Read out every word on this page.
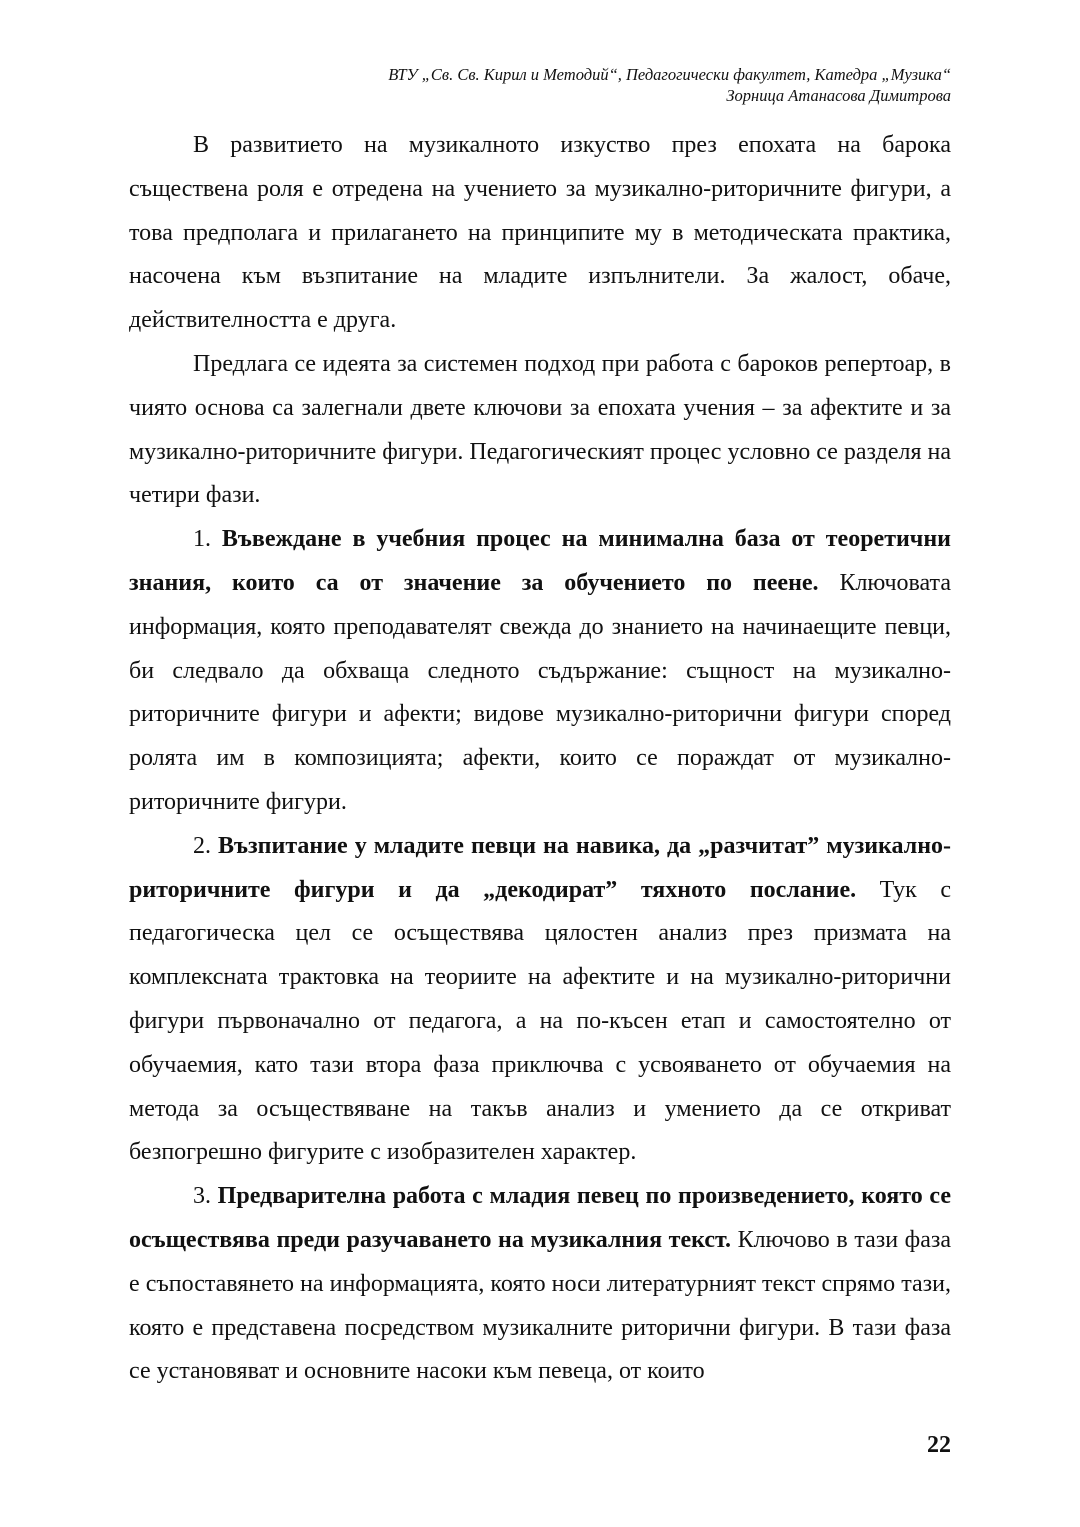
ВТУ „Св. Св. Кирил и Методий“, Педагогически факултет, Катедра „Музика“
Зорница Атанасова Димитрова

В развитието на музикалното изкуство през епохата на барока съществена роля е отредена на учението за музикално-риторичните фигури, а това предполага и прилагането на принципите му в методическата практика, насочена към възпитание на младите изпълнители. За жалост, обаче, действителността е друга.

Предлага се идеята за системен подход при работа с бароков репертоар, в чиято основа са залегнали двете ключови за епохата учения – за афектите и за музикално-риторичните фигури. Педагогическият процес условно се разделя на четири фази.

1. Въвеждане в учебния процес на минимална база от теоретични знания, които са от значение за обучението по пеене. Ключовата информация, която преподавателят свежда до знанието на начинаещите певци, би следвало да обхваща следното съдържание: същност на музикално-риторичните фигури и афекти; видове музикално-риторични фигури според ролята им в композицията; афекти, които се пораждат от музикално-риторичните фигури.

2. Възпитание у младите певци на навика, да „разчитат” музикално-риторичните фигури и да „декодират” тяхното послание. Тук с педагогическа цел се осъществява цялостен анализ през призмата на комплексната трактовка на теориите на афектите и на музикално-риторични фигури първоначално от педагога, а на по-късен етап и самостоятелно от обучаемия, като тази втора фаза приключва с усвояването от обучаемия на метода за осъществяване на такъв анализ и умението да се откриват безпогрешно фигурите с изобразителен характер.

3. Предварителна работа с младия певец по произведението, която се осъществява преди разучаването на музикалния текст. Ключово в тази фаза е съпоставянето на информацията, която носи литературният текст спрямо тази, която е представена посредством музикалните риторични фигури. В тази фаза се установяват и основните насоки към певеца, от които

22
